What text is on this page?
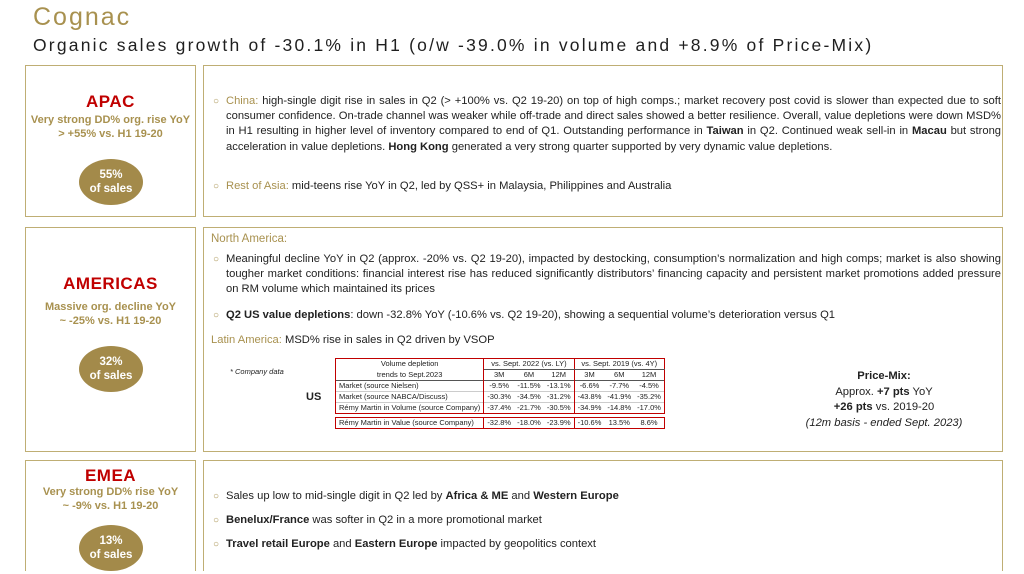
Cognac
Organic sales growth of -30.1% in H1 (o/w -39.0% in volume and +8.9% of Price-Mix)
APAC
Very strong DD% org. rise YoY
> +55% vs. H1 19-20
55%
of sales
○ China: high-single digit rise in sales in Q2 (> +100% vs. Q2 19-20) on top of high comps.; market recovery post covid is slower than expected due to soft consumer confidence. On-trade channel was weaker while off-trade and direct sales showed a better resilience. Overall, value depletions were down MSD% in H1 resulting in higher level of inventory compared to end of Q1. Outstanding performance in Taiwan in Q2. Continued weak sell-in in Macau but strong acceleration in value depletions. Hong Kong generated a very strong quarter supported by very dynamic value depletions.
○ Rest of Asia: mid-teens rise YoY in Q2, led by QSS+ in Malaysia, Philippines and Australia
AMERICAS
Massive org. decline YoY
~ -25% vs. H1 19-20
32%
of sales
North America:
○ Meaningful decline YoY in Q2 (approx. -20% vs. Q2 19-20), impacted by destocking, consumption’s normalization and high comps; market is also showing tougher market conditions: financial interest rise has reduced significantly distributors’ financing capacity and persistent market promotions added pressure on RM volume which maintained its prices
○ Q2 US value depletions: down -32.8% YoY (-10.6% vs. Q2 19-20), showing a sequential volume’s deterioration versus Q1
Latin America: MSD% rise in sales in Q2 driven by VSOP
* Company data
US
Volume depletion	vs. Sept. 2022 (vs. LY)			vs. Sept. 2019 (vs. 4Y)		
trends to Sept.2023	3M	6M	12M	3M	6M	12M
Market (source Nielsen)	-9.5%	-11.5%	-13.1%	-6.6%	-7.7%	-4.5%
Market (source NABCA/Discuss)	-30.3%	-34.5%	-31.2%	-43.8%	-41.9%	-35.2%
Rémy Martin in Volume (source Company)	-37.4%	-21.7%	-30.5%	-34.9%	-14.8%	-17.0%

Rémy Martin in Value (source Company)	-32.8%	-18.0%	-23.9%	-10.6%	13.5%	8.6%
Price-Mix:
Approx. +7 pts YoY
+26 pts vs. 2019-20
(12m basis - ended Sept. 2023)
EMEA
Very strong DD% rise YoY
~ -9% vs. H1 19-20
13%
of sales
○ Sales up low to mid-single digit in Q2 led by Africa & ME and Western Europe
○ Benelux/France was softer in Q2 in a more promotional market
○ Travel retail Europe and Eastern Europe impacted by geopolitics context
